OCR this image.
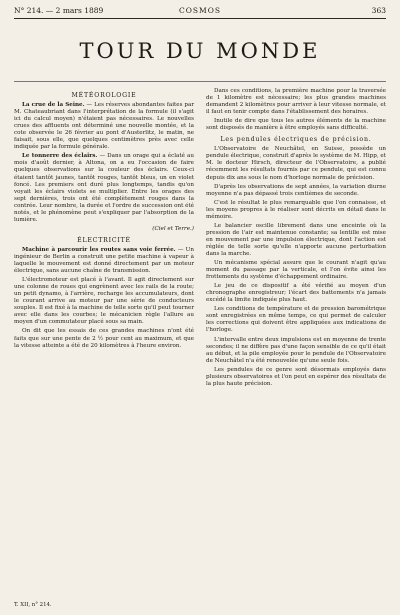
N° 214. — 2 mars 1889	COSMOS	363
TOUR DU MONDE
MÉTÉOROLOGIE

La crue de la Seine. — Les réserves abondantes faites par M. Chateaubriant dans l'interprétation de la formule (il s'agit ici du calcul moyen) n'étaient pas nécessaires. Le nouvelles crues des affluents ont déterminé une nouvelle montée, et la cote observée le 26 février au pont d'Austerlitz, le matin, ne faisait, sous elle, que quelques centimètres près avec celle indiquée par la formule générale.

Le tonnerre des éclairs. — Dans un orage qui a éclaté au mois d'août dernier, à Altona, on a eu l'occasion de faire quelques observations sur la couleur des éclairs. Ceux-ci étaient tantôt jaunes, tantôt rouges, tantôt bleus, un en violet foncé. Les premiers ont duré plus longtemps, tandis qu'on voyait les éclairs violets se multiplier. Entre les orages des sept dernières, trois ont été complètement rouges dans la contrée. Leur nombre, la durée et l'ordre de succession ont été notés, et le phénomène peut s'expliquer par l'absorption de la lumière.

(Ciel et Terre.)
ÉLECTRICITÉ

Machine à parcourir les routes sans voie ferrée. — Un ingénieur de Berlin a construit une petite machine à vapeur à laquelle le mouvement est donné directement par un moteur électrique, sans aucune chaîne de transmission.

L'électromoteur est placé à l'avant. Il agit directement sur une colonne de roues qui engrènent avec les rails de la route; un petit dynamo, à l'arrière, recharge les accumulateurs, dont le courant arrive au moteur par une série de conducteurs souples. Il est fixé à la machine de telle sorte qu'il peut tourner avec elle dans les courbes; le mécanicien règle l'allure au moyen d'un commutateur placé sous sa main.

On dit que les essais de ces grandes machines n'ont été faits que sur une pente de 2 ½ pour cent au maximum, et que la vitesse atteinte a été de 20 kilomètres à l'heure environ.

Dans ces conditions, la première machine pour la traversée de 1 kilomètre est nécessaire; les plus grandes machines demandent 2 kilomètres pour arriver à leur vitesse normale, et il faut en tenir compte dans l'établissement des horaires.

Inutile de dire que tous les autres éléments de la machine sont disposés de manière à être employés sans difficulté.

Les pendules électriques de précision.

L'Observatoire de Neuchâtel, en Suisse, possède un pendule électrique, construit d'après le système de M. Hipp, et M. le docteur Hirsch, directeur de l'Observatoire, a publié récemment les résultats fournis par ce pendule, qui est connu depuis dix ans sous le nom d'horloge normale de précision.

D'après les observations de sept années, la variation diurne moyenne n'a pas dépassé trois centièmes de seconde.

C'est le résultat le plus remarquable que l'on connaisse, et les moyens propres à le réaliser sont décrits en détail dans le mémoire.

Le balancier oscille librement dans une enceinte où la pression de l'air est maintenue constante; sa lentille est mise en mouvement par une impulsion électrique, dont l'action est réglée de telle sorte qu'elle n'apporte aucune perturbation dans la marche.

Un mécanisme spécial assure que le courant n'agit qu'au moment du passage par la verticale, et l'on évite ainsi les frottements du système d'échappement ordinaire.

Le jeu de ce dispositif a été vérifié au moyen d'un chronographe enregistreur; l'écart des battements n'a jamais excédé la limite indiquée plus haut.

Les conditions de température et de pression barométrique sont enregistrées en même temps, ce qui permet de calculer les corrections qui doivent être appliquées aux indications de l'horloge.

L'intervalle entre deux impulsions est en moyenne de trente secondes; il ne diffère pas d'une façon sensible de ce qu'il était au début, et la pile employée pour le pendule de l'Observatoire de Neuchâtel n'a été renouvelée qu'une seule fois.

Les pendules de ce genre sont désormais employés dans plusieurs observatoires et l'on peut en espérer des résultats de la plus haute précision.

T. XII, n° 214.
